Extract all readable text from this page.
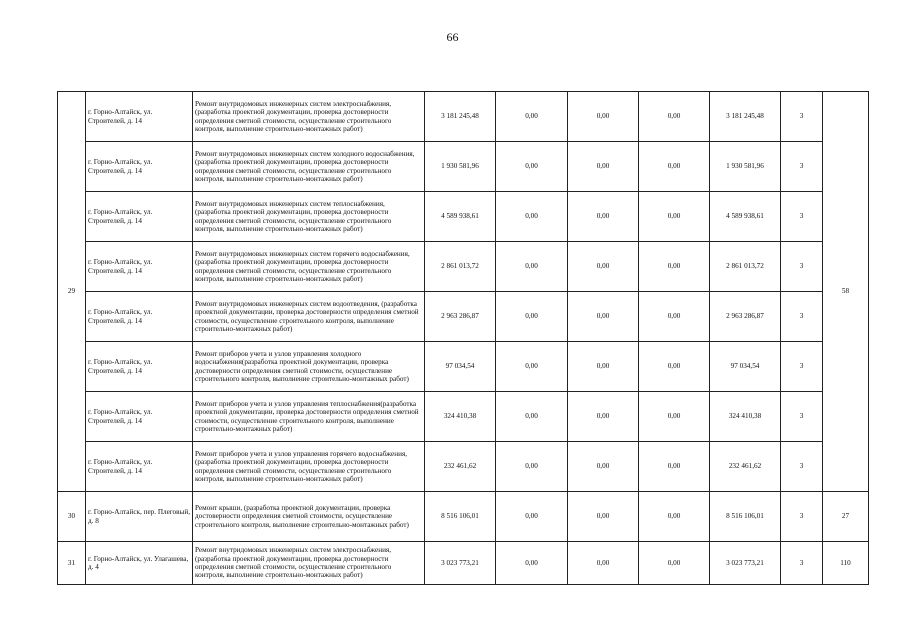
66
29	г. Горно-Алтайск, ул. Строителей, д. 14	Ремонт внутридомовых инженерных систем электроснабжения, (разработка проектной документации, проверка достоверности определения сметной стоимости, осуществление строительного контроля, выполнение строительно-монтажных работ)	3 181 245,48	0,00	0,00	0,00	3 181 245,48	3	58
	г. Горно-Алтайск, ул. Строителей, д. 14	Ремонт внутридомовых инженерных систем холодного водоснабжения, (разработка проектной документации, проверка достоверности определения сметной стоимости, осуществление строительного контроля, выполнение строительно-монтажных работ)	1 930 581,96	0,00	0,00	0,00	1 930 581,96	3	
	г. Горно-Алтайск, ул. Строителей, д. 14	Ремонт внутридомовых инженерных систем теплоснабжения, (разработка проектной документации, проверка достоверности определения сметной стоимости, осуществление строительного контроля, выполнение строительно-монтажных работ)	4 589 938,61	0,00	0,00	0,00	4 589 938,61	3	
	г. Горно-Алтайск, ул. Строителей, д. 14	Ремонт внутридомовых инженерных систем горячего водоснабжения, (разработка проектной документации, проверка достоверности определения сметной стоимости, осуществление строительного контроля, выполнение строительно-монтажных работ)	2 861 013,72	0,00	0,00	0,00	2 861 013,72	3	
	г. Горно-Алтайск, ул. Строителей, д. 14	Ремонт внутридомовых инженерных систем водоотведения, (разработка проектной документации, проверка достоверности определения сметной стоимости, осуществление строительного контроля, выполнение строительно-монтажных работ)	2 963 286,87	0,00	0,00	0,00	2 963 286,87	3	
	г. Горно-Алтайск, ул. Строителей, д. 14	Ремонт приборов учета и узлов управления холодного водоснабжения(разработка проектной документации, проверка достоверности определения сметной стоимости, осуществление строительного контроля, выполнение строительно-монтажных работ)	97 034,54	0,00	0,00	0,00	97 034,54	3	
	г. Горно-Алтайск, ул. Строителей, д. 14	Ремонт приборов учета и узлов управления теплоснабжения(разработка проектной документации, проверка достоверности определения сметной стоимости, осуществление строительного контроля, выполнение строительно-монтажных работ)	324 410,38	0,00	0,00	0,00	324 410,38	3	
	г. Горно-Алтайск, ул. Строителей, д. 14	Ремонт приборов учета и узлов управления горячего водоснабжения, (разработка проектной документации, проверка достоверности определения сметной стоимости, осуществление строительного контроля, выполнение строительно-монтажных работ)	232 461,62	0,00	0,00	0,00	232 461,62	3	
30	г. Горно-Алтайск, пер. Плеговый, д. 8	Ремонт крыши, (разработка проектной документации, проверка достоверности определения сметной стоимости, осуществление строительного контроля, выполнение строительно-монтажных работ)	8 516 106,01	0,00	0,00	0,00	8 516 106,01	3	27
31	г. Горно-Алтайск, ул. Улагашева, д. 4	Ремонт внутридомовых инженерных систем электроснабжения, (разработка проектной документации, проверка достоверности определения сметной стоимости, осуществление строительного контроля, выполнение строительно-монтажных работ)	3 023 773,21	0,00	0,00	0,00	3 023 773,21	3	110
